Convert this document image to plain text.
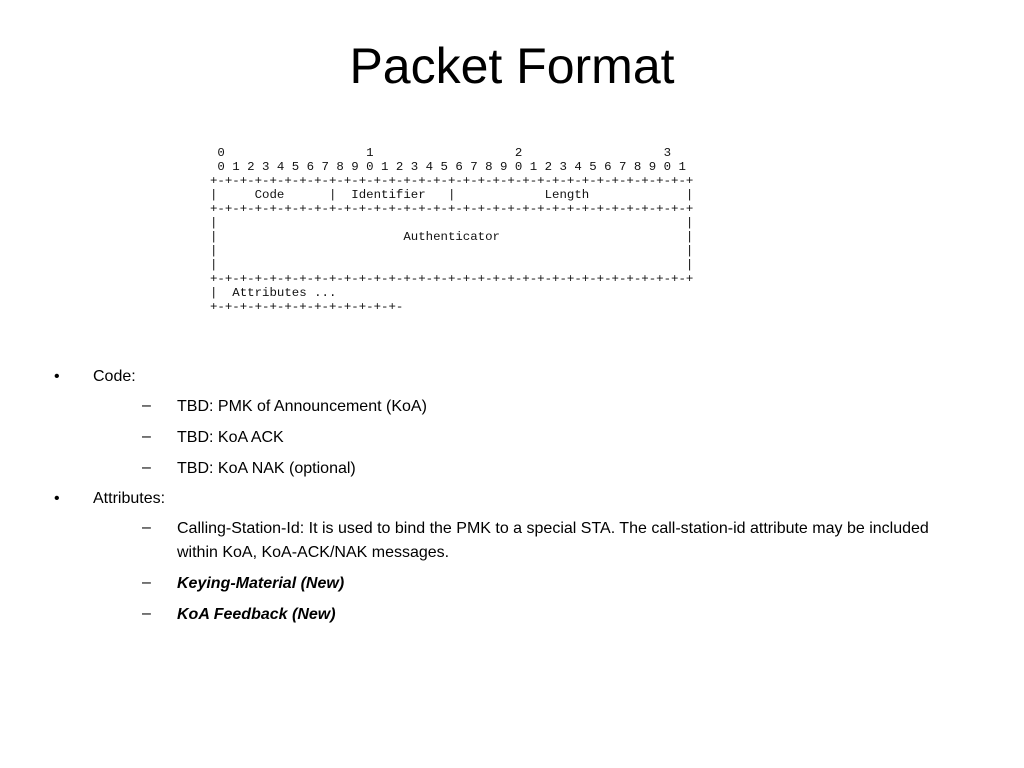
Packet Format
0                   1                   2                   3
0 1 2 3 4 5 6 7 8 9 0 1 2 3 4 5 6 7 8 9 0 1 2 3 4 5 6 7 8 9 0 1
+-+-+-+-+-+-+-+-+-+-+-+-+-+-+-+-+-+-+-+-+-+-+-+-+-+-+-+-+-+-+-+-+
|     Code      |  Identifier   |            Length             |
+-+-+-+-+-+-+-+-+-+-+-+-+-+-+-+-+-+-+-+-+-+-+-+-+-+-+-+-+-+-+-+-+
|                                                               |
|                         Authenticator                         |
|                                                               |
|                                                               |
+-+-+-+-+-+-+-+-+-+-+-+-+-+-+-+-+-+-+-+-+-+-+-+-+-+-+-+-+-+-+-+-+
|  Attributes ...
+-+-+-+-+-+-+-+-+-+-+-+-+-
•	Code:
– TBD: PMK of Announcement (KoA)
– TBD: KoA ACK
– TBD: KoA NAK (optional)
•	Attributes:
– Calling-Station-Id: It is used to bind the PMK to a special STA. The call-station-id attribute may be included within KoA, KoA-ACK/NAK messages.
– Keying-Material (New)
– KoA Feedback (New)
